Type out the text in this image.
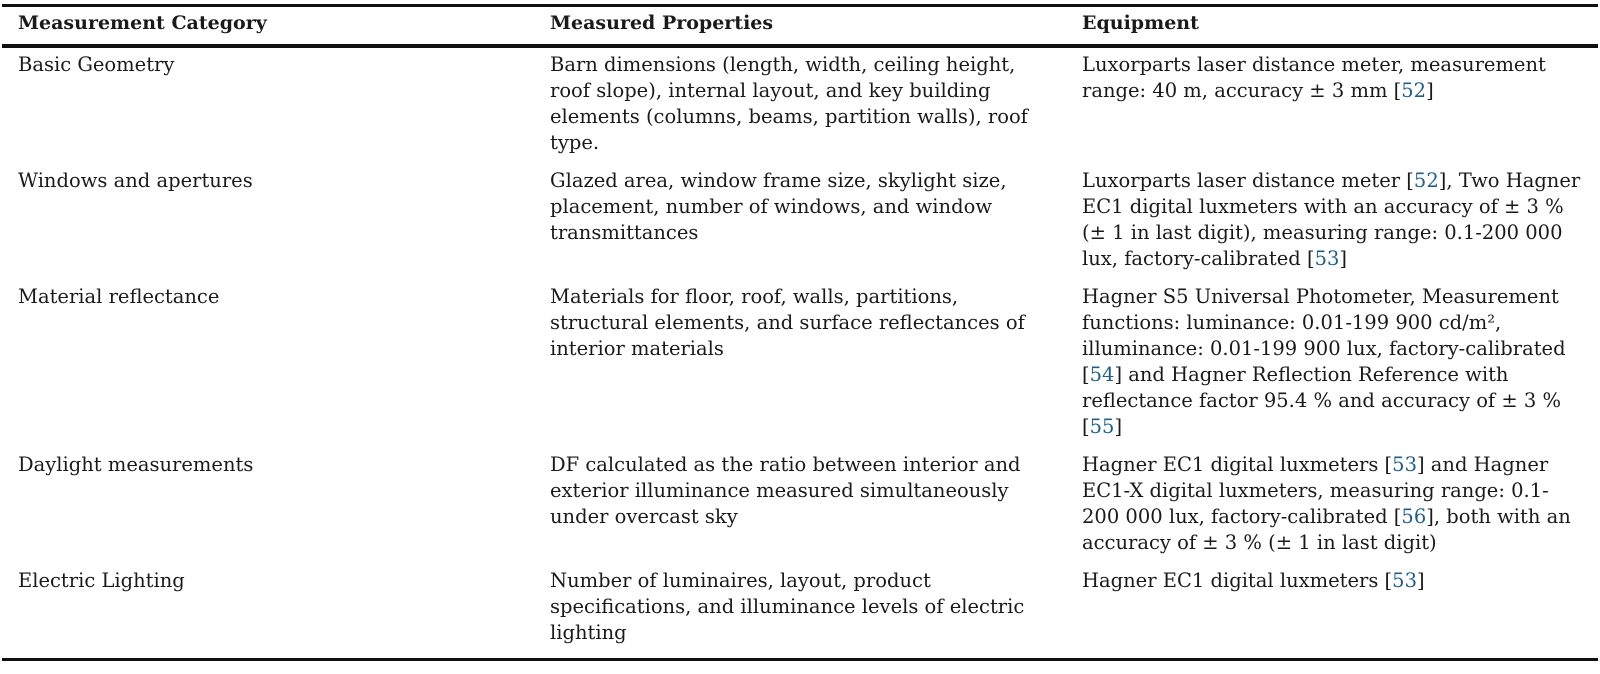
Measurement Category	Measured Properties	Equipment
Basic Geometry	Barn dimensions (length, width, ceiling height, roof slope), internal layout, and key building elements (columns, beams, partition walls), roof type.	Luxorparts laser distance meter, measurement range: 40 m, accuracy ± 3 mm [52]
Windows and apertures	Glazed area, window frame size, skylight size, placement, number of windows, and window transmittances	Luxorparts laser distance meter [52], Two Hagner EC1 digital luxmeters with an accuracy of ± 3 % (± 1 in last digit), measuring range: 0.1-200 000 lux, factory-calibrated [53]
Material reflectance	Materials for floor, roof, walls, partitions, structural elements, and surface reflectances of interior materials	Hagner S5 Universal Photometer, Measurement functions: luminance: 0.01-199 900 cd/m², illuminance: 0.01-199 900 lux, factory-calibrated [54] and Hagner Reflection Reference with reflectance factor 95.4 % and accuracy of ± 3 % [55]
Daylight measurements	DF calculated as the ratio between interior and exterior illuminance measured simultaneously under overcast sky	Hagner EC1 digital luxmeters [53] and Hagner EC1-X digital luxmeters, measuring range: 0.1-200 000 lux, factory-calibrated [56], both with an accuracy of ± 3 % (± 1 in last digit)
Electric Lighting	Number of luminaires, layout, product specifications, and illuminance levels of electric lighting	Hagner EC1 digital luxmeters [53]
